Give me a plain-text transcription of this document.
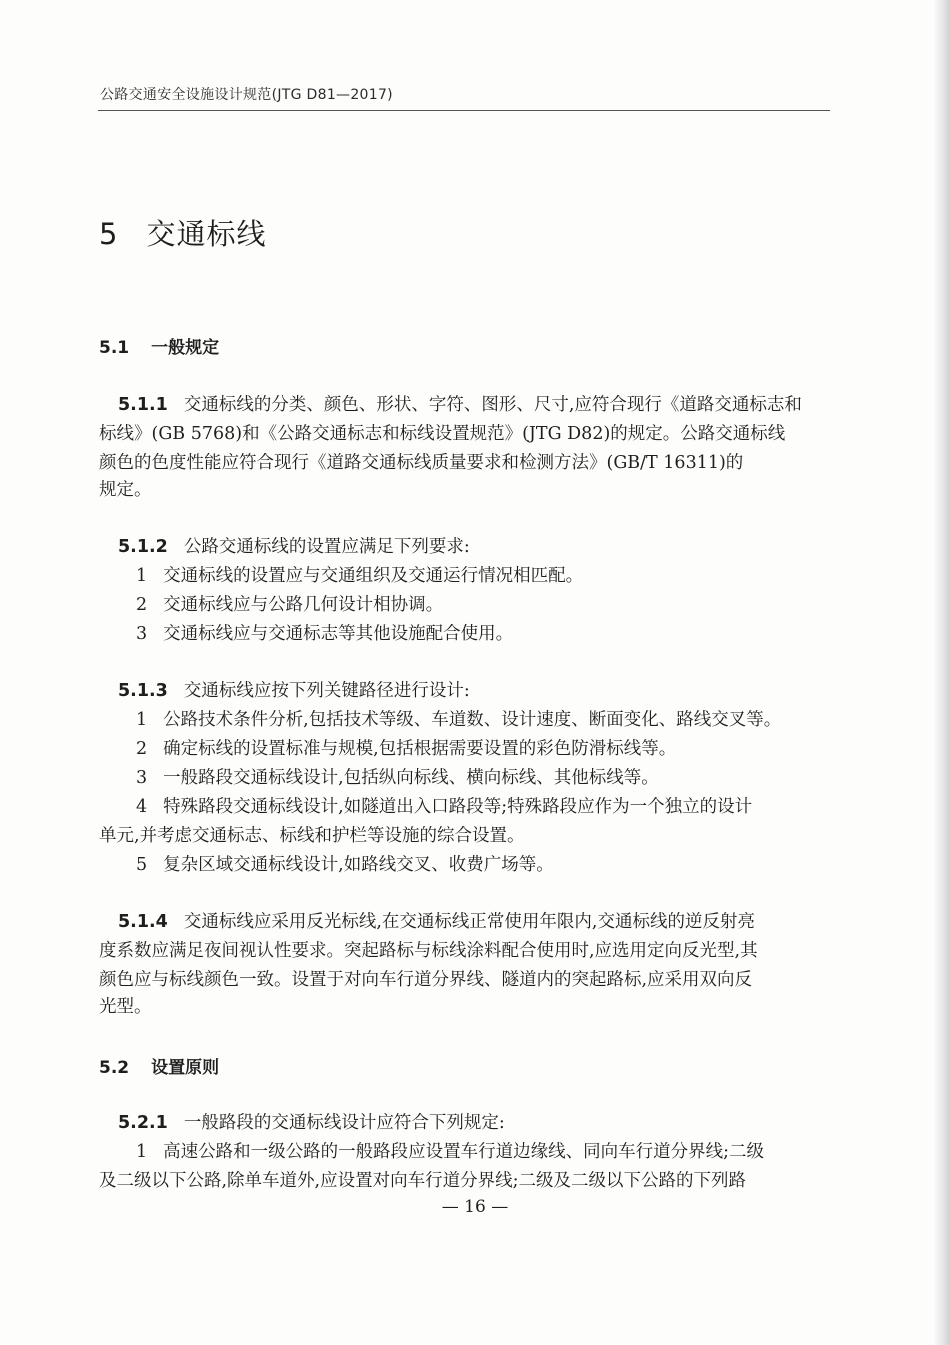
公路交通安全设施设计规范(JTG D81—2017)
5 交通标线
5.1 一般规定
5.1.1 交通标线的分类、颜色、形状、字符、图形、尺寸,应符合现行《道路交通标志和
标线》(GB 5768)和《公路交通标志和标线设置规范》(JTG D82)的规定。公路交通标线
颜色的色度性能应符合现行《道路交通标线质量要求和检测方法》(GB/T 16311)的
规定。
5.1.2 公路交通标线的设置应满足下列要求:
1 交通标线的设置应与交通组织及交通运行情况相匹配。
2 交通标线应与公路几何设计相协调。
3 交通标线应与交通标志等其他设施配合使用。
5.1.3 交通标线应按下列关键路径进行设计:
1 公路技术条件分析,包括技术等级、车道数、设计速度、断面变化、路线交叉等。
2 确定标线的设置标准与规模,包括根据需要设置的彩色防滑标线等。
3 一般路段交通标线设计,包括纵向标线、横向标线、其他标线等。
4 特殊路段交通标线设计,如隧道出入口路段等;特殊路段应作为一个独立的设计
单元,并考虑交通标志、标线和护栏等设施的综合设置。
5 复杂区域交通标线设计,如路线交叉、收费广场等。
5.1.4 交通标线应采用反光标线,在交通标线正常使用年限内,交通标线的逆反射亮
度系数应满足夜间视认性要求。突起路标与标线涂料配合使用时,应选用定向反光型,其
颜色应与标线颜色一致。设置于对向车行道分界线、隧道内的突起路标,应采用双向反
光型。
5.2 设置原则
5.2.1 一般路段的交通标线设计应符合下列规定:
1 高速公路和一级公路的一般路段应设置车行道边缘线、同向车行道分界线;二级
及二级以下公路,除单车道外,应设置对向车行道分界线;二级及二级以下公路的下列路
— 16 —
